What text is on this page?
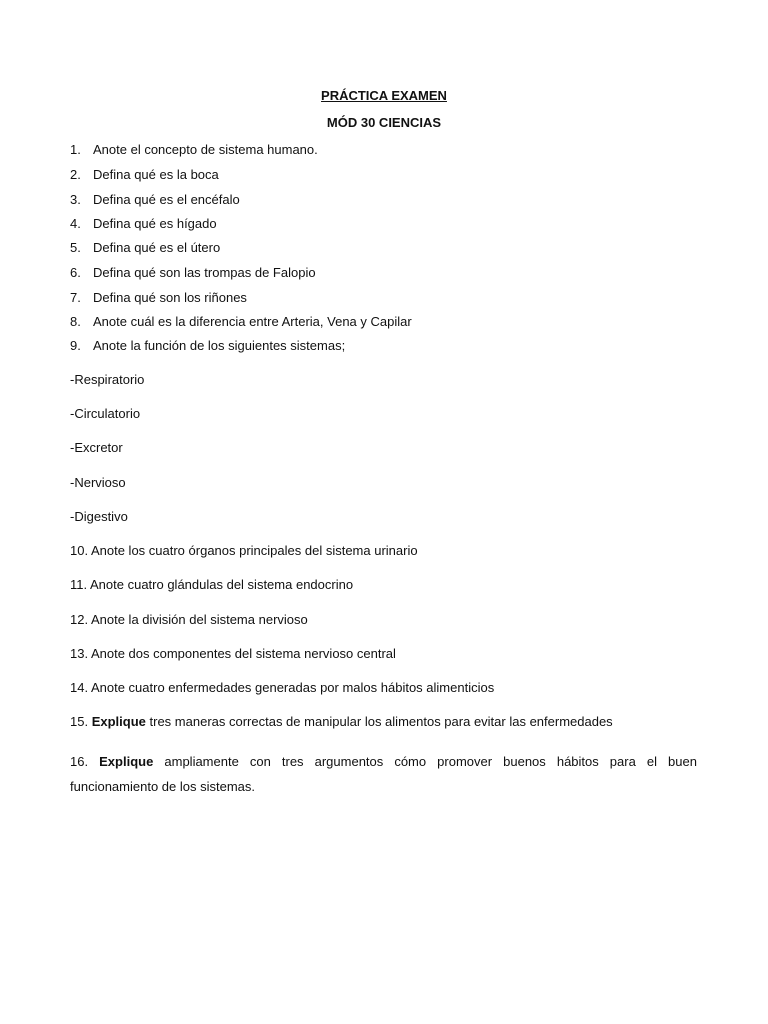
PRÁCTICA EXAMEN
MÓD 30 CIENCIAS
1. Anote el concepto de sistema humano.
2. Defina qué es la boca
3. Defina qué es el encéfalo
4. Defina qué es hígado
5. Defina qué es el útero
6. Defina qué son las trompas de Falopio
7. Defina qué son los riñones
8. Anote cuál es la diferencia entre Arteria, Vena y Capilar
9. Anote la función de los siguientes sistemas;
-Respiratorio
-Circulatorio
-Excretor
-Nervioso
-Digestivo
10. Anote los cuatro órganos principales del sistema urinario
11. Anote cuatro glándulas del sistema endocrino
12. Anote la división del sistema nervioso
13. Anote dos componentes del sistema nervioso central
14. Anote cuatro enfermedades generadas por malos hábitos alimenticios
15. Explique tres maneras correctas de manipular los alimentos para evitar las enfermedades
16. Explique ampliamente con tres argumentos cómo promover buenos hábitos para el buen funcionamiento de los sistemas.
